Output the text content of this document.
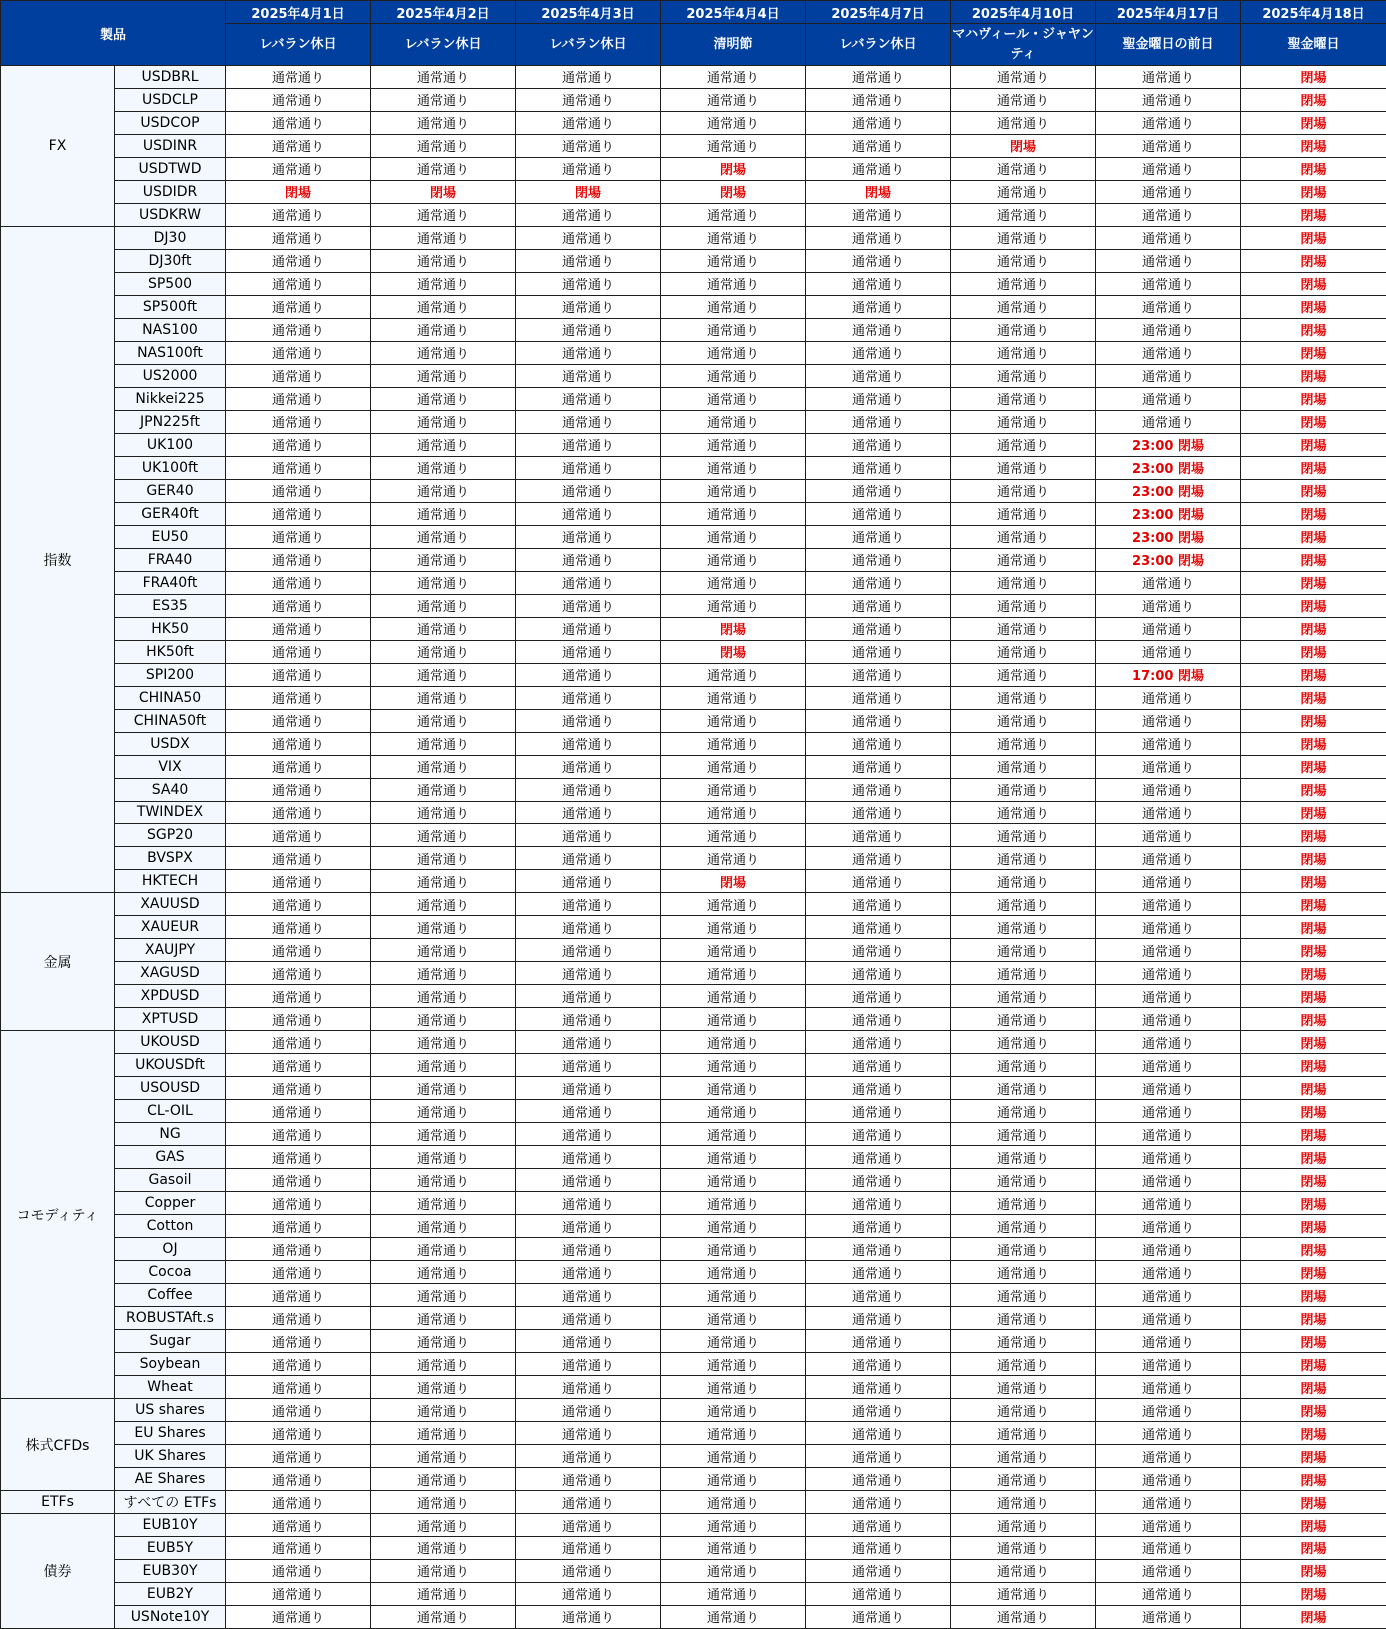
製品		2025年4月1日	2025年4月2日	2025年4月3日	2025年4月4日	2025年4月7日	2025年4月10日	2025年4月17日	2025年4月18日
		レバラン休日	レバラン休日	レバラン休日	清明節	レバラン休日	マハヴィール・ジャヤンティ	聖金曜日の前日	聖金曜日
FX	USDBRL	通常通り	通常通り	通常通り	通常通り	通常通り	通常通り	通常通り	閉場
	USDCLP	通常通り	通常通り	通常通り	通常通り	通常通り	通常通り	通常通り	閉場
	USDCOP	通常通り	通常通り	通常通り	通常通り	通常通り	通常通り	通常通り	閉場
	USDINR	通常通り	通常通り	通常通り	通常通り	通常通り	閉場	通常通り	閉場
	USDTWD	通常通り	通常通り	通常通り	閉場	通常通り	通常通り	通常通り	閉場
	USDIDR	閉場	閉場	閉場	閉場	閉場	通常通り	通常通り	閉場
	USDKRW	通常通り	通常通り	通常通り	通常通り	通常通り	通常通り	通常通り	閉場
指数	DJ30	通常通り	通常通り	通常通り	通常通り	通常通り	通常通り	通常通り	閉場
	DJ30ft	通常通り	通常通り	通常通り	通常通り	通常通り	通常通り	通常通り	閉場
	SP500	通常通り	通常通り	通常通り	通常通り	通常通り	通常通り	通常通り	閉場
	SP500ft	通常通り	通常通り	通常通り	通常通り	通常通り	通常通り	通常通り	閉場
	NAS100	通常通り	通常通り	通常通り	通常通り	通常通り	通常通り	通常通り	閉場
	NAS100ft	通常通り	通常通り	通常通り	通常通り	通常通り	通常通り	通常通り	閉場
	US2000	通常通り	通常通り	通常通り	通常通り	通常通り	通常通り	通常通り	閉場
	Nikkei225	通常通り	通常通り	通常通り	通常通り	通常通り	通常通り	通常通り	閉場
	JPN225ft	通常通り	通常通り	通常通り	通常通り	通常通り	通常通り	通常通り	閉場
	UK100	通常通り	通常通り	通常通り	通常通り	通常通り	通常通り	23:00 閉場	閉場
	UK100ft	通常通り	通常通り	通常通り	通常通り	通常通り	通常通り	23:00 閉場	閉場
	GER40	通常通り	通常通り	通常通り	通常通り	通常通り	通常通り	23:00 閉場	閉場
	GER40ft	通常通り	通常通り	通常通り	通常通り	通常通り	通常通り	23:00 閉場	閉場
	EU50	通常通り	通常通り	通常通り	通常通り	通常通り	通常通り	23:00 閉場	閉場
	FRA40	通常通り	通常通り	通常通り	通常通り	通常通り	通常通り	23:00 閉場	閉場
	FRA40ft	通常通り	通常通り	通常通り	通常通り	通常通り	通常通り	通常通り	閉場
	ES35	通常通り	通常通り	通常通り	通常通り	通常通り	通常通り	通常通り	閉場
	HK50	通常通り	通常通り	通常通り	閉場	通常通り	通常通り	通常通り	閉場
	HK50ft	通常通り	通常通り	通常通り	閉場	通常通り	通常通り	通常通り	閉場
	SPI200	通常通り	通常通り	通常通り	通常通り	通常通り	通常通り	17:00 閉場	閉場
	CHINA50	通常通り	通常通り	通常通り	通常通り	通常通り	通常通り	通常通り	閉場
	CHINA50ft	通常通り	通常通り	通常通り	通常通り	通常通り	通常通り	通常通り	閉場
	USDX	通常通り	通常通り	通常通り	通常通り	通常通り	通常通り	通常通り	閉場
	VIX	通常通り	通常通り	通常通り	通常通り	通常通り	通常通り	通常通り	閉場
	SA40	通常通り	通常通り	通常通り	通常通り	通常通り	通常通り	通常通り	閉場
	TWINDEX	通常通り	通常通り	通常通り	通常通り	通常通り	通常通り	通常通り	閉場
	SGP20	通常通り	通常通り	通常通り	通常通り	通常通り	通常通り	通常通り	閉場
	BVSPX	通常通り	通常通り	通常通り	通常通り	通常通り	通常通り	通常通り	閉場
	HKTECH	通常通り	通常通り	通常通り	閉場	通常通り	通常通り	通常通り	閉場
金属	XAUUSD	通常通り	通常通り	通常通り	通常通り	通常通り	通常通り	通常通り	閉場
	XAUEUR	通常通り	通常通り	通常通り	通常通り	通常通り	通常通り	通常通り	閉場
	XAUJPY	通常通り	通常通り	通常通り	通常通り	通常通り	通常通り	通常通り	閉場
	XAGUSD	通常通り	通常通り	通常通り	通常通り	通常通り	通常通り	通常通り	閉場
	XPDUSD	通常通り	通常通り	通常通り	通常通り	通常通り	通常通り	通常通り	閉場
	XPTUSD	通常通り	通常通り	通常通り	通常通り	通常通り	通常通り	通常通り	閉場
コモディティ	UKOUSD	通常通り	通常通り	通常通り	通常通り	通常通り	通常通り	通常通り	閉場
	UKOUSDft	通常通り	通常通り	通常通り	通常通り	通常通り	通常通り	通常通り	閉場
	USOUSD	通常通り	通常通り	通常通り	通常通り	通常通り	通常通り	通常通り	閉場
	CL-OIL	通常通り	通常通り	通常通り	通常通り	通常通り	通常通り	通常通り	閉場
	NG	通常通り	通常通り	通常通り	通常通り	通常通り	通常通り	通常通り	閉場
	GAS	通常通り	通常通り	通常通り	通常通り	通常通り	通常通り	通常通り	閉場
	Gasoil	通常通り	通常通り	通常通り	通常通り	通常通り	通常通り	通常通り	閉場
	Copper	通常通り	通常通り	通常通り	通常通り	通常通り	通常通り	通常通り	閉場
	Cotton	通常通り	通常通り	通常通り	通常通り	通常通り	通常通り	通常通り	閉場
	OJ	通常通り	通常通り	通常通り	通常通り	通常通り	通常通り	通常通り	閉場
	Cocoa	通常通り	通常通り	通常通り	通常通り	通常通り	通常通り	通常通り	閉場
	Coffee	通常通り	通常通り	通常通り	通常通り	通常通り	通常通り	通常通り	閉場
	ROBUSTAft.s	通常通り	通常通り	通常通り	通常通り	通常通り	通常通り	通常通り	閉場
	Sugar	通常通り	通常通り	通常通り	通常通り	通常通り	通常通り	通常通り	閉場
	Soybean	通常通り	通常通り	通常通り	通常通り	通常通り	通常通り	通常通り	閉場
	Wheat	通常通り	通常通り	通常通り	通常通り	通常通り	通常通り	通常通り	閉場
株式CFDs	US shares	通常通り	通常通り	通常通り	通常通り	通常通り	通常通り	通常通り	閉場
	EU Shares	通常通り	通常通り	通常通り	通常通り	通常通り	通常通り	通常通り	閉場
	UK Shares	通常通り	通常通り	通常通り	通常通り	通常通り	通常通り	通常通り	閉場
	AE Shares	通常通り	通常通り	通常通り	通常通り	通常通り	通常通り	通常通り	閉場
ETFs	すべての ETFs	通常通り	通常通り	通常通り	通常通り	通常通り	通常通り	通常通り	閉場
債券	EUB10Y	通常通り	通常通り	通常通り	通常通り	通常通り	通常通り	通常通り	閉場
	EUB5Y	通常通り	通常通り	通常通り	通常通り	通常通り	通常通り	通常通り	閉場
	EUB30Y	通常通り	通常通り	通常通り	通常通り	通常通り	通常通り	通常通り	閉場
	EUB2Y	通常通り	通常通り	通常通り	通常通り	通常通り	通常通り	通常通り	閉場
	USNote10Y	通常通り	通常通り	通常通り	通常通り	通常通り	通常通り	通常通り	閉場
